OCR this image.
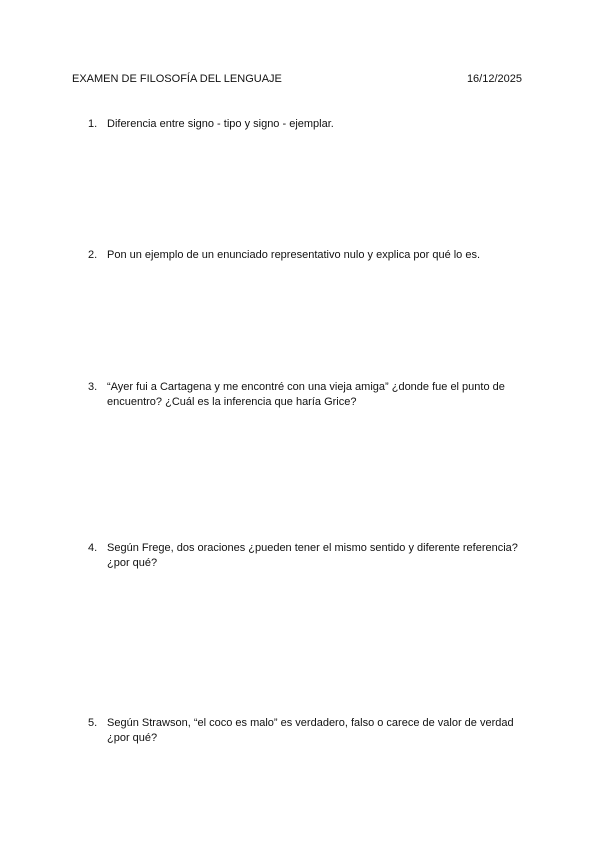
EXAMEN DE FILOSOFÍA DEL LENGUAJE	16/12/2025
1. Diferencia entre signo - tipo y signo - ejemplar.
2. Pon un ejemplo de un enunciado representativo nulo y explica por qué lo es.
3. “Ayer fui a Cartagena y me encontré con una vieja amiga” ¿donde fue el punto de encuentro? ¿Cuál es la inferencia que haría Grice?
4. Según Frege, dos oraciones ¿pueden tener el mismo sentido y diferente referencia? ¿por qué?
5. Según Strawson, “el coco es malo” es verdadero, falso o carece de valor de verdad ¿por qué?
